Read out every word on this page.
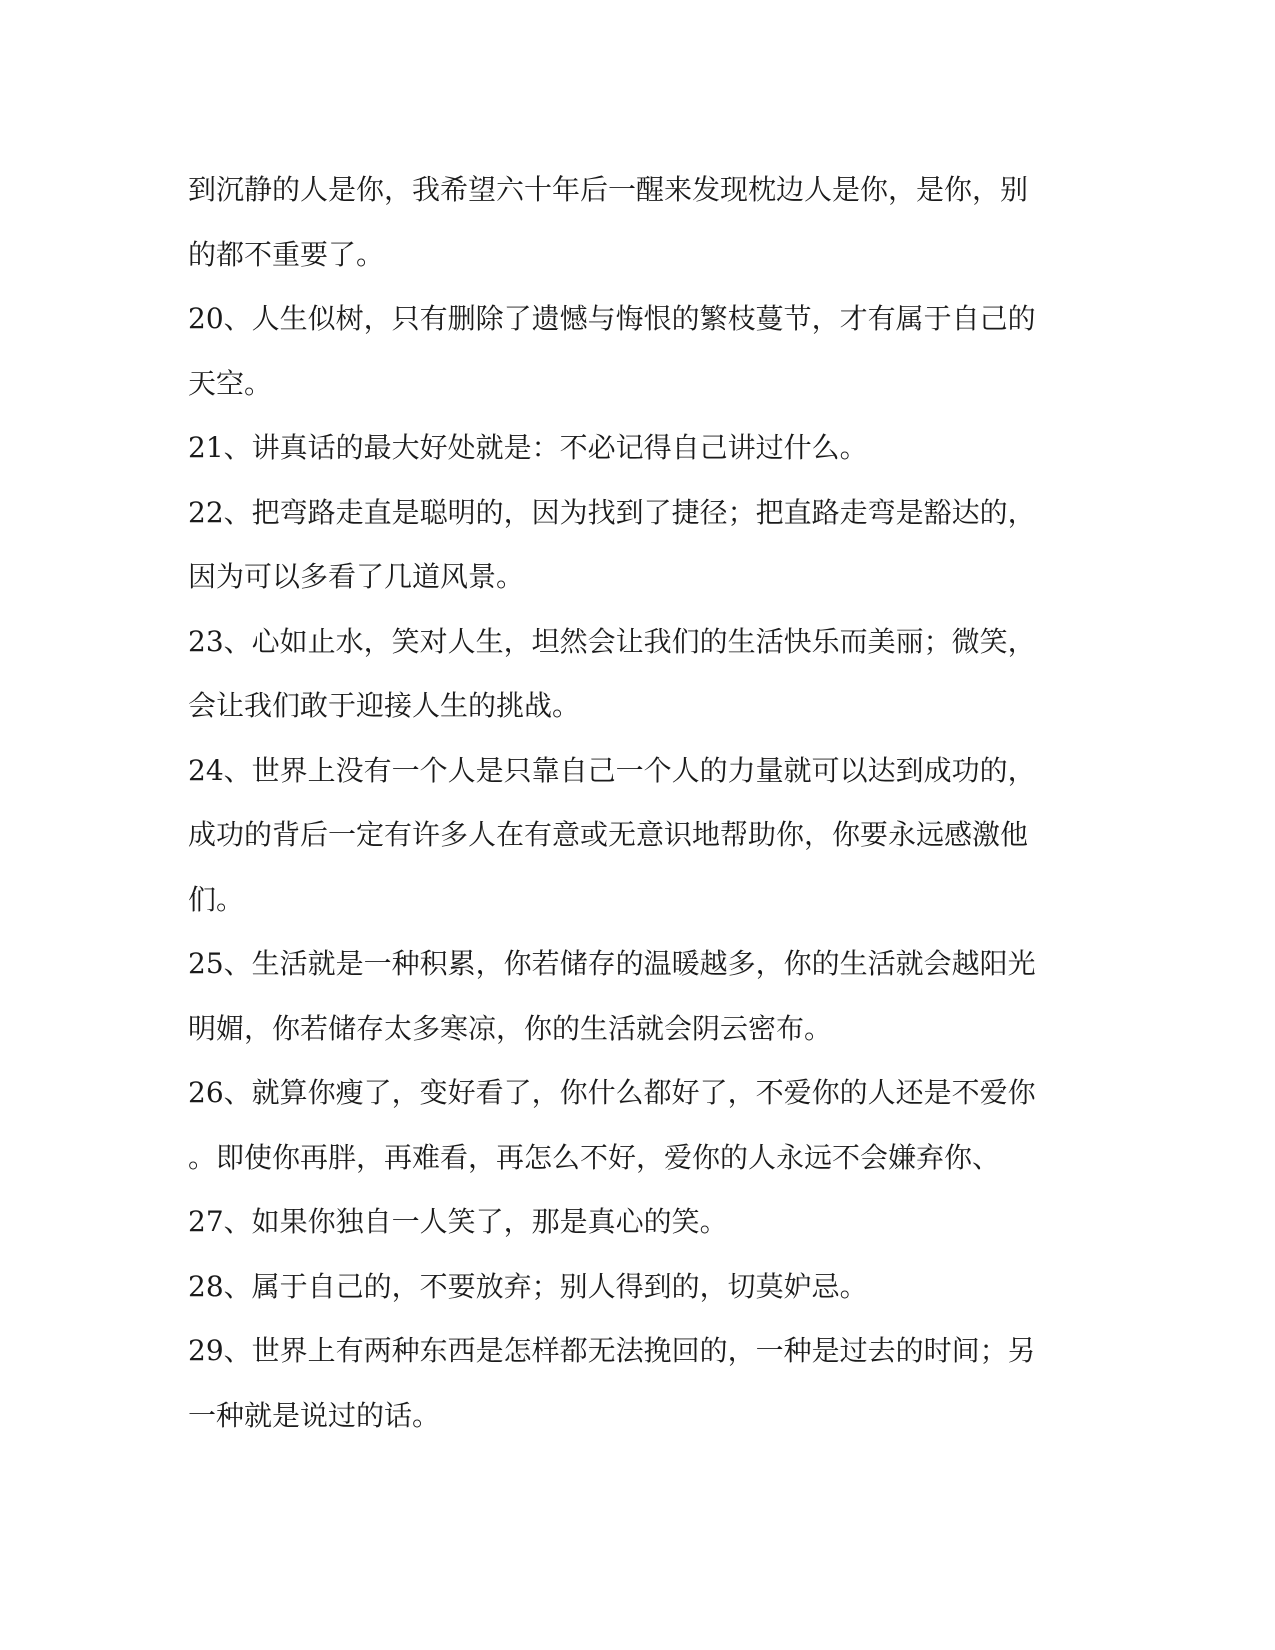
到沉静的人是你，我希望六十年后一醒来发现枕边人是你，是你，别
的都不重要了。
20、人生似树，只有删除了遗憾与悔恨的繁枝蔓节，才有属于自己的
天空。
21、讲真话的最大好处就是：不必记得自己讲过什么。
22、把弯路走直是聪明的，因为找到了捷径；把直路走弯是豁达的，
因为可以多看了几道风景。
23、心如止水，笑对人生，坦然会让我们的生活快乐而美丽；微笑，
会让我们敢于迎接人生的挑战。
24、世界上没有一个人是只靠自己一个人的力量就可以达到成功的，
成功的背后一定有许多人在有意或无意识地帮助你，你要永远感激他
们。
25、生活就是一种积累，你若储存的温暖越多，你的生活就会越阳光
明媚，你若储存太多寒凉，你的生活就会阴云密布。
26、就算你瘦了，变好看了，你什么都好了，不爱你的人还是不爱你
。即使你再胖，再难看，再怎么不好，爱你的人永远不会嫌弃你、
27、如果你独自一人笑了，那是真心的笑。
28、属于自己的，不要放弃；别人得到的，切莫妒忌。
29、世界上有两种东西是怎样都无法挽回的，一种是过去的时间；另
一种就是说过的话。
